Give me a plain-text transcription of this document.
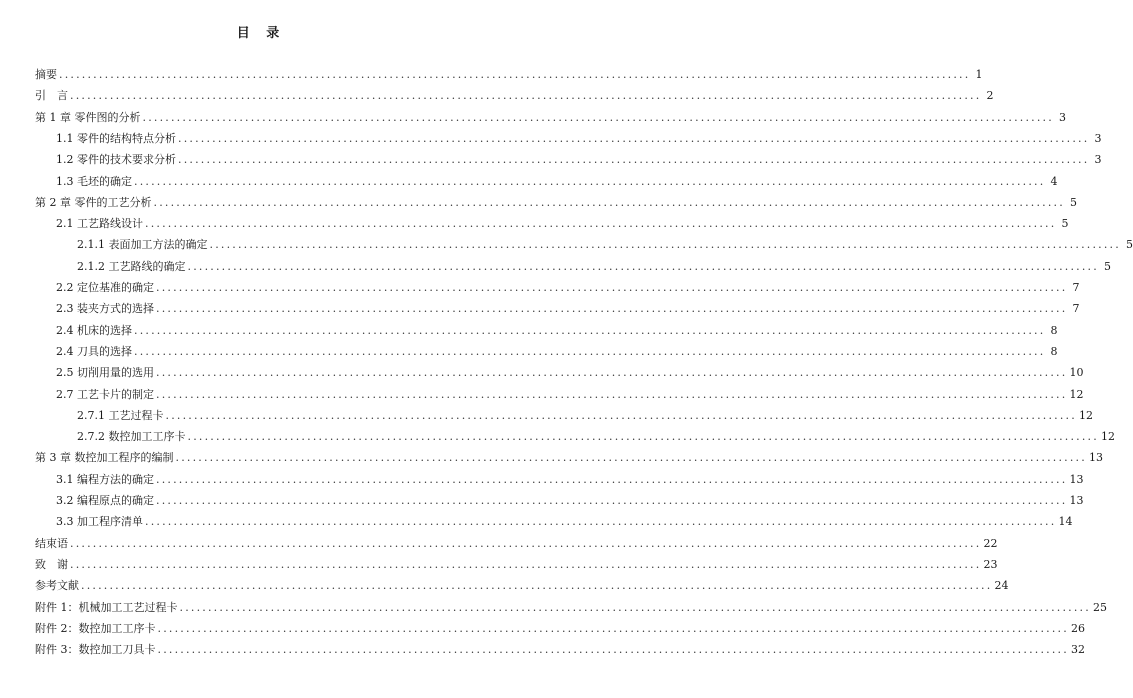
目 录
摘要 ................................................................................................................................................................ 1
引　言 ................................................................................................................................................................ 2
第 1 章 零件图的分析 ................................................................................................................................................................ 3
1.1 零件的结构特点分析 ................................................................................................................................................................ 3
1.2 零件的技术要求分析 ................................................................................................................................................................ 3
1.3 毛坯的确定 ................................................................................................................................................................ 4
第 2 章 零件的工艺分析 ................................................................................................................................................................ 5
2.1 工艺路线设计 ................................................................................................................................................................ 5
2.1.1 表面加工方法的确定 ................................................................................................................................................................ 5
2.1.2 工艺路线的确定 ................................................................................................................................................................ 5
2.2 定位基准的确定 ................................................................................................................................................................ 7
2.3 装夹方式的选择 ................................................................................................................................................................ 7
2.4 机床的选择 ................................................................................................................................................................ 8
2.4 刀具的选择 ................................................................................................................................................................ 8
2.5 切削用量的选用 ................................................................................................................................................................ 10
2.7 工艺卡片的制定 ................................................................................................................................................................ 12
2.7.1 工艺过程卡 ................................................................................................................................................................ 12
2.7.2 数控加工工序卡 ................................................................................................................................................................ 12
第 3 章 数控加工程序的编制 ................................................................................................................................................................ 13
3.1 编程方法的确定 ................................................................................................................................................................ 13
3.2 编程原点的确定 ................................................................................................................................................................ 13
3.3 加工程序清单 ................................................................................................................................................................ 14
结束语 ................................................................................................................................................................ 22
致　谢 ................................................................................................................................................................ 23
参考文献 ................................................................................................................................................................ 24
附件 1：机械加工工艺过程卡 ................................................................................................................................................................ 25
附件 2：数控加工工序卡 ................................................................................................................................................................ 26
附件 3：数控加工刀具卡 ................................................................................................................................................................ 32
